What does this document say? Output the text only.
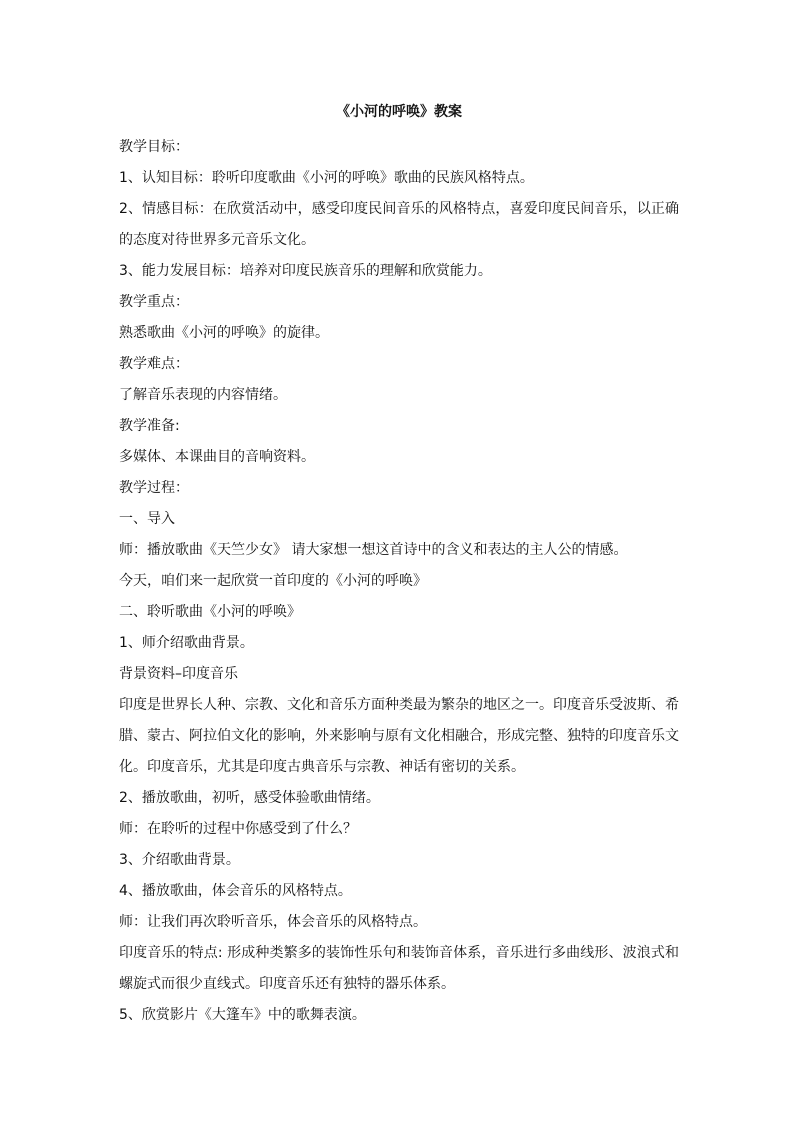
《小河的呼唤》教案

教学目标：

1、认知目标：聆听印度歌曲《小河的呼唤》歌曲的民族风格特点。

2、情感目标：在欣赏活动中，感受印度民间音乐的风格特点，喜爱印度民间音乐，以正确的态度对待世界多元音乐文化。

3、能力发展目标：培养对印度民族音乐的理解和欣赏能力。

教学重点：

熟悉歌曲《小河的呼唤》的旋律。

教学难点：

了解音乐表现的内容情绪。

教学准备:

多媒体、本课曲目的音响资料。

教学过程：

一、导入

师：播放歌曲《天竺少女》 请大家想一想这首诗中的含义和表达的主人公的情感。

今天，咱们来一起欣赏一首印度的《小河的呼唤》

二、聆听歌曲《小河的呼唤》

1、师介绍歌曲背景。

背景资料–印度音乐

印度是世界长人种、宗教、文化和音乐方面种类最为繁杂的地区之一。印度音乐受波斯、希腊、蒙古、阿拉伯文化的影响，外来影响与原有文化相融合，形成完整、独特的印度音乐文化。印度音乐，尤其是印度古典音乐与宗教、神话有密切的关系。

2、播放歌曲，初听，感受体验歌曲情绪。

师：在聆听的过程中你感受到了什么？

3、介绍歌曲背景。

4、播放歌曲，体会音乐的风格特点。

师：让我们再次聆听音乐，体会音乐的风格特点。

印度音乐的特点: 形成种类繁多的装饰性乐句和装饰音体系，音乐进行多曲线形、波浪式和螺旋式而很少直线式。印度音乐还有独特的器乐体系。

5、欣赏影片《大篷车》中的歌舞表演。
